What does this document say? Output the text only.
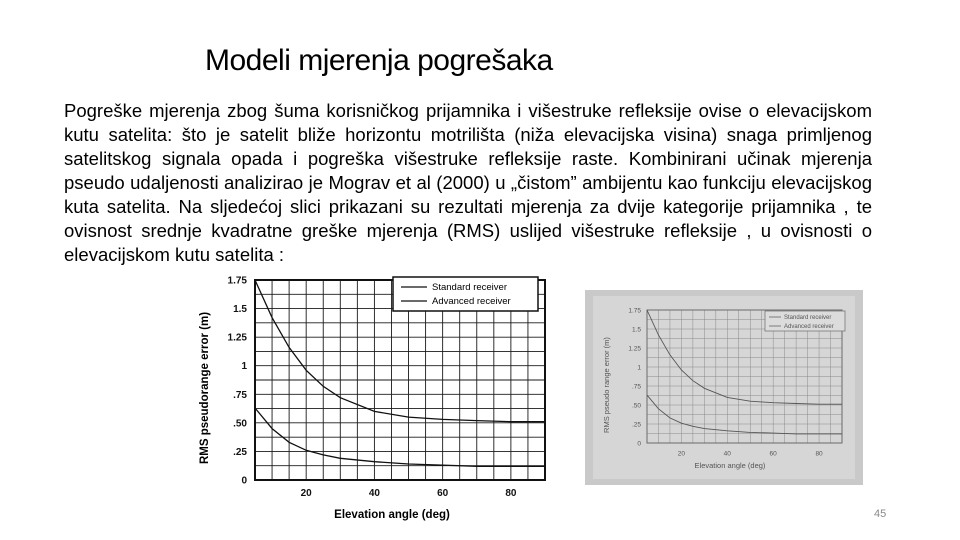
Modeli mjerenja pogrešaka
Pogreške mjerenja zbog šuma korisničkog prijamnika i višestruke refleksije ovise o elevacijskom kutu satelita: što je satelit bliže horizontu motrilišta (niža elevacijska visina) snaga primljenog satelitskog signala opada i pogreška višestruke refleksije raste. Kombinirani učinak mjerenja pseudo udaljenosti analizirao je Mograv et al (2000) u „čistom” ambijentu kao funkciju elevacijskog kuta satelita. Na sljedećoj slici prikazani su rezultati mjerenja za dvije kategorije prijamnika , te ovisnost srednje kvadratne greške mjerenja (RMS) uslijed višestruke refleksije , u ovisnosti o elevacijskom kutu satelita :
1.75
1.5
1.25
1
.75
.50
.25
0
20	40	60	80
RMS pseudorange error (m)
Elevation angle (deg)
Standard receiver
Advanced receiver
1.75
1.5
1.25
1
.75
.50
.25
0
20	40	60	80
RMS pseudo range error (m)
Elevation angle (deg)
Standard receiver
Advanced receiver
45
